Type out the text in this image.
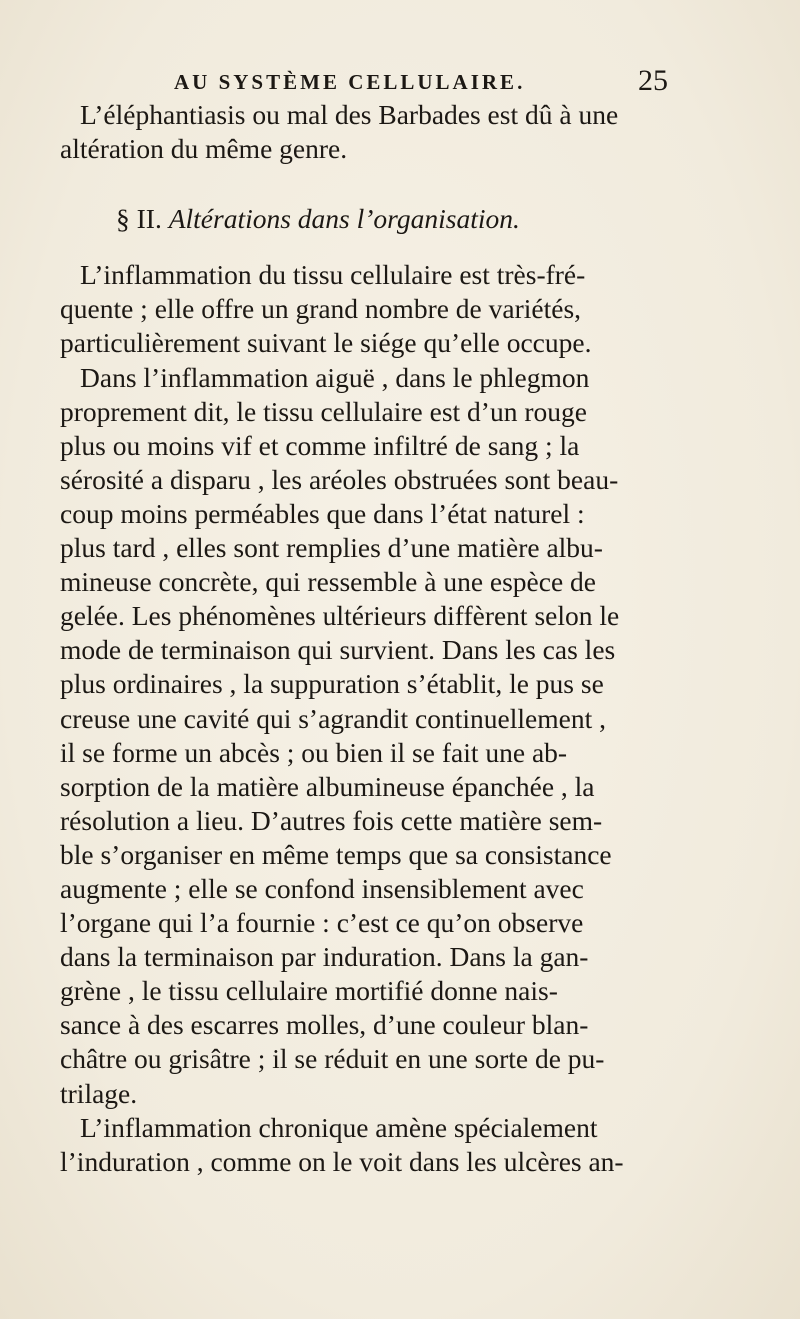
AU SYSTÈME CELLULAIRE.	25
L’éléphantiasis ou mal des Barbades est dû à une
altération du même genre.
§ II. Altérations dans l’organisation.
L’inflammation du tissu cellulaire est très-fré-
quente ; elle offre un grand nombre de variétés,
particulièrement suivant le siége qu’elle occupe.
Dans l’inflammation aiguë , dans le phlegmon
proprement dit, le tissu cellulaire est d’un rouge
plus ou moins vif et comme infiltré de sang ; la
sérosité a disparu , les aréoles obstruées sont beau-
coup moins perméables que dans l’état naturel :
plus tard , elles sont remplies d’une matière albu-
mineuse concrète, qui ressemble à une espèce de
gelée. Les phénomènes ultérieurs diffèrent selon le
mode de terminaison qui survient. Dans les cas les
plus ordinaires , la suppuration s’établit, le pus se
creuse une cavité qui s’agrandit continuellement ,
il se forme un abcès ; ou bien il se fait une ab-
sorption de la matière albumineuse épanchée , la
résolution a lieu. D’autres fois cette matière sem-
ble s’organiser en même temps que sa consistance
augmente ; elle se confond insensiblement avec
l’organe qui l’a fournie : c’est ce qu’on observe
dans la terminaison par induration. Dans la gan-
grène , le tissu cellulaire mortifié donne nais-
sance à des escarres molles, d’une couleur blan-
châtre ou grisâtre ; il se réduit en une sorte de pu-
trilage.
L’inflammation chronique amène spécialement
l’induration , comme on le voit dans les ulcères an-
